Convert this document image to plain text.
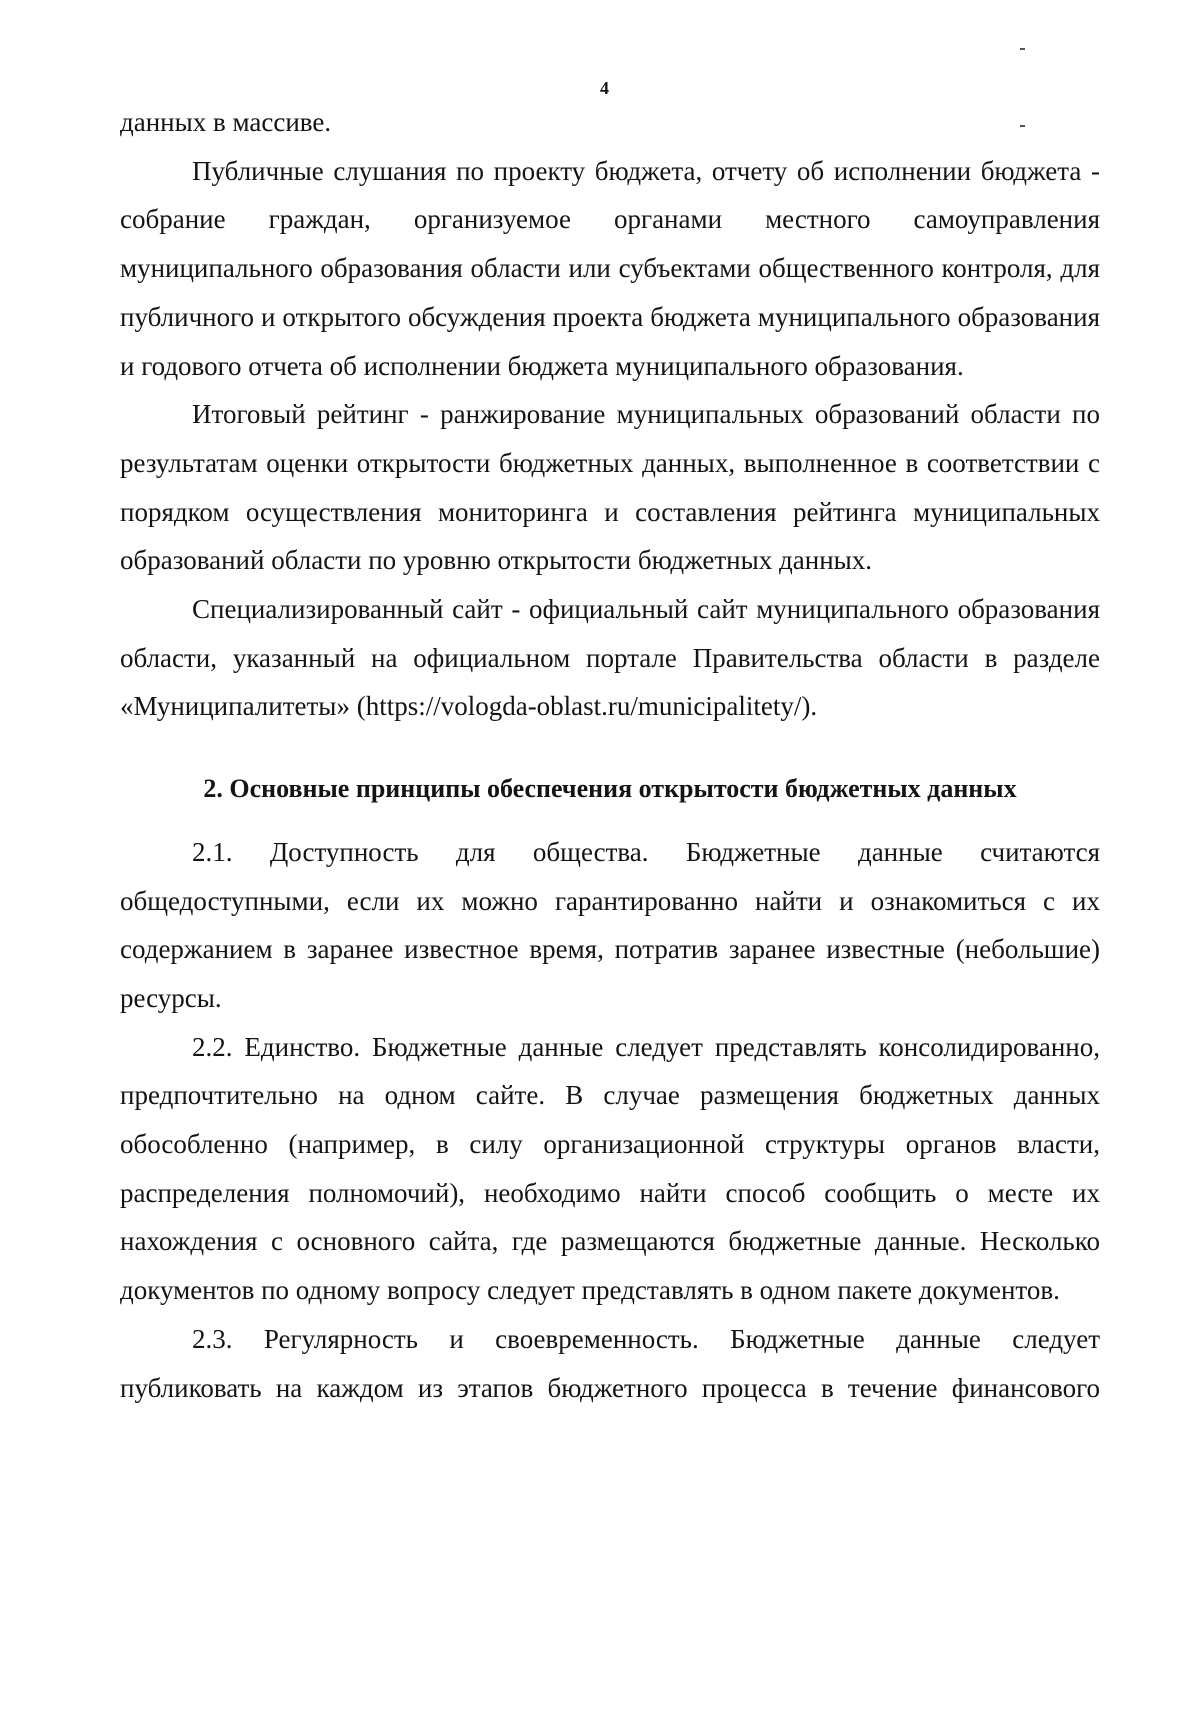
4

данных в массиве.

Публичные слушания по проекту бюджета, отчету об исполнении бюджета - собрание граждан, организуемое органами местного самоуправления муниципального образования области или субъектами общественного контроля, для публичного и открытого обсуждения проекта бюджета муниципального образования и годового отчета об исполнении бюджета муниципального образования.

Итоговый рейтинг - ранжирование муниципальных образований области по результатам оценки открытости бюджетных данных, выполненное в соответствии с порядком осуществления мониторинга и составления рейтинга муниципальных образований области по уровню открытости бюджетных данных.

Специализированный сайт - официальный сайт муниципального образования области, указанный на официальном портале Правительства области в разделе «Муниципалитеты» (https://vologda-oblast.ru/municipalitety/).

2. Основные принципы обеспечения открытости бюджетных данных

2.1. Доступность для общества. Бюджетные данные считаются общедоступными, если их можно гарантированно найти и ознакомиться с их содержанием в заранее известное время, потратив заранее известные (небольшие) ресурсы.

2.2. Единство. Бюджетные данные следует представлять консолидированно, предпочтительно на одном сайте. В случае размещения бюджетных данных обособленно (например, в силу организационной структуры органов власти, распределения полномочий), необходимо найти способ сообщить о месте их нахождения с основного сайта, где размещаются бюджетные данные. Несколько документов по одному вопросу следует представлять в одном пакете документов.

2.3. Регулярность и своевременность. Бюджетные данные следует публиковать на каждом из этапов бюджетного процесса в течение финансового
